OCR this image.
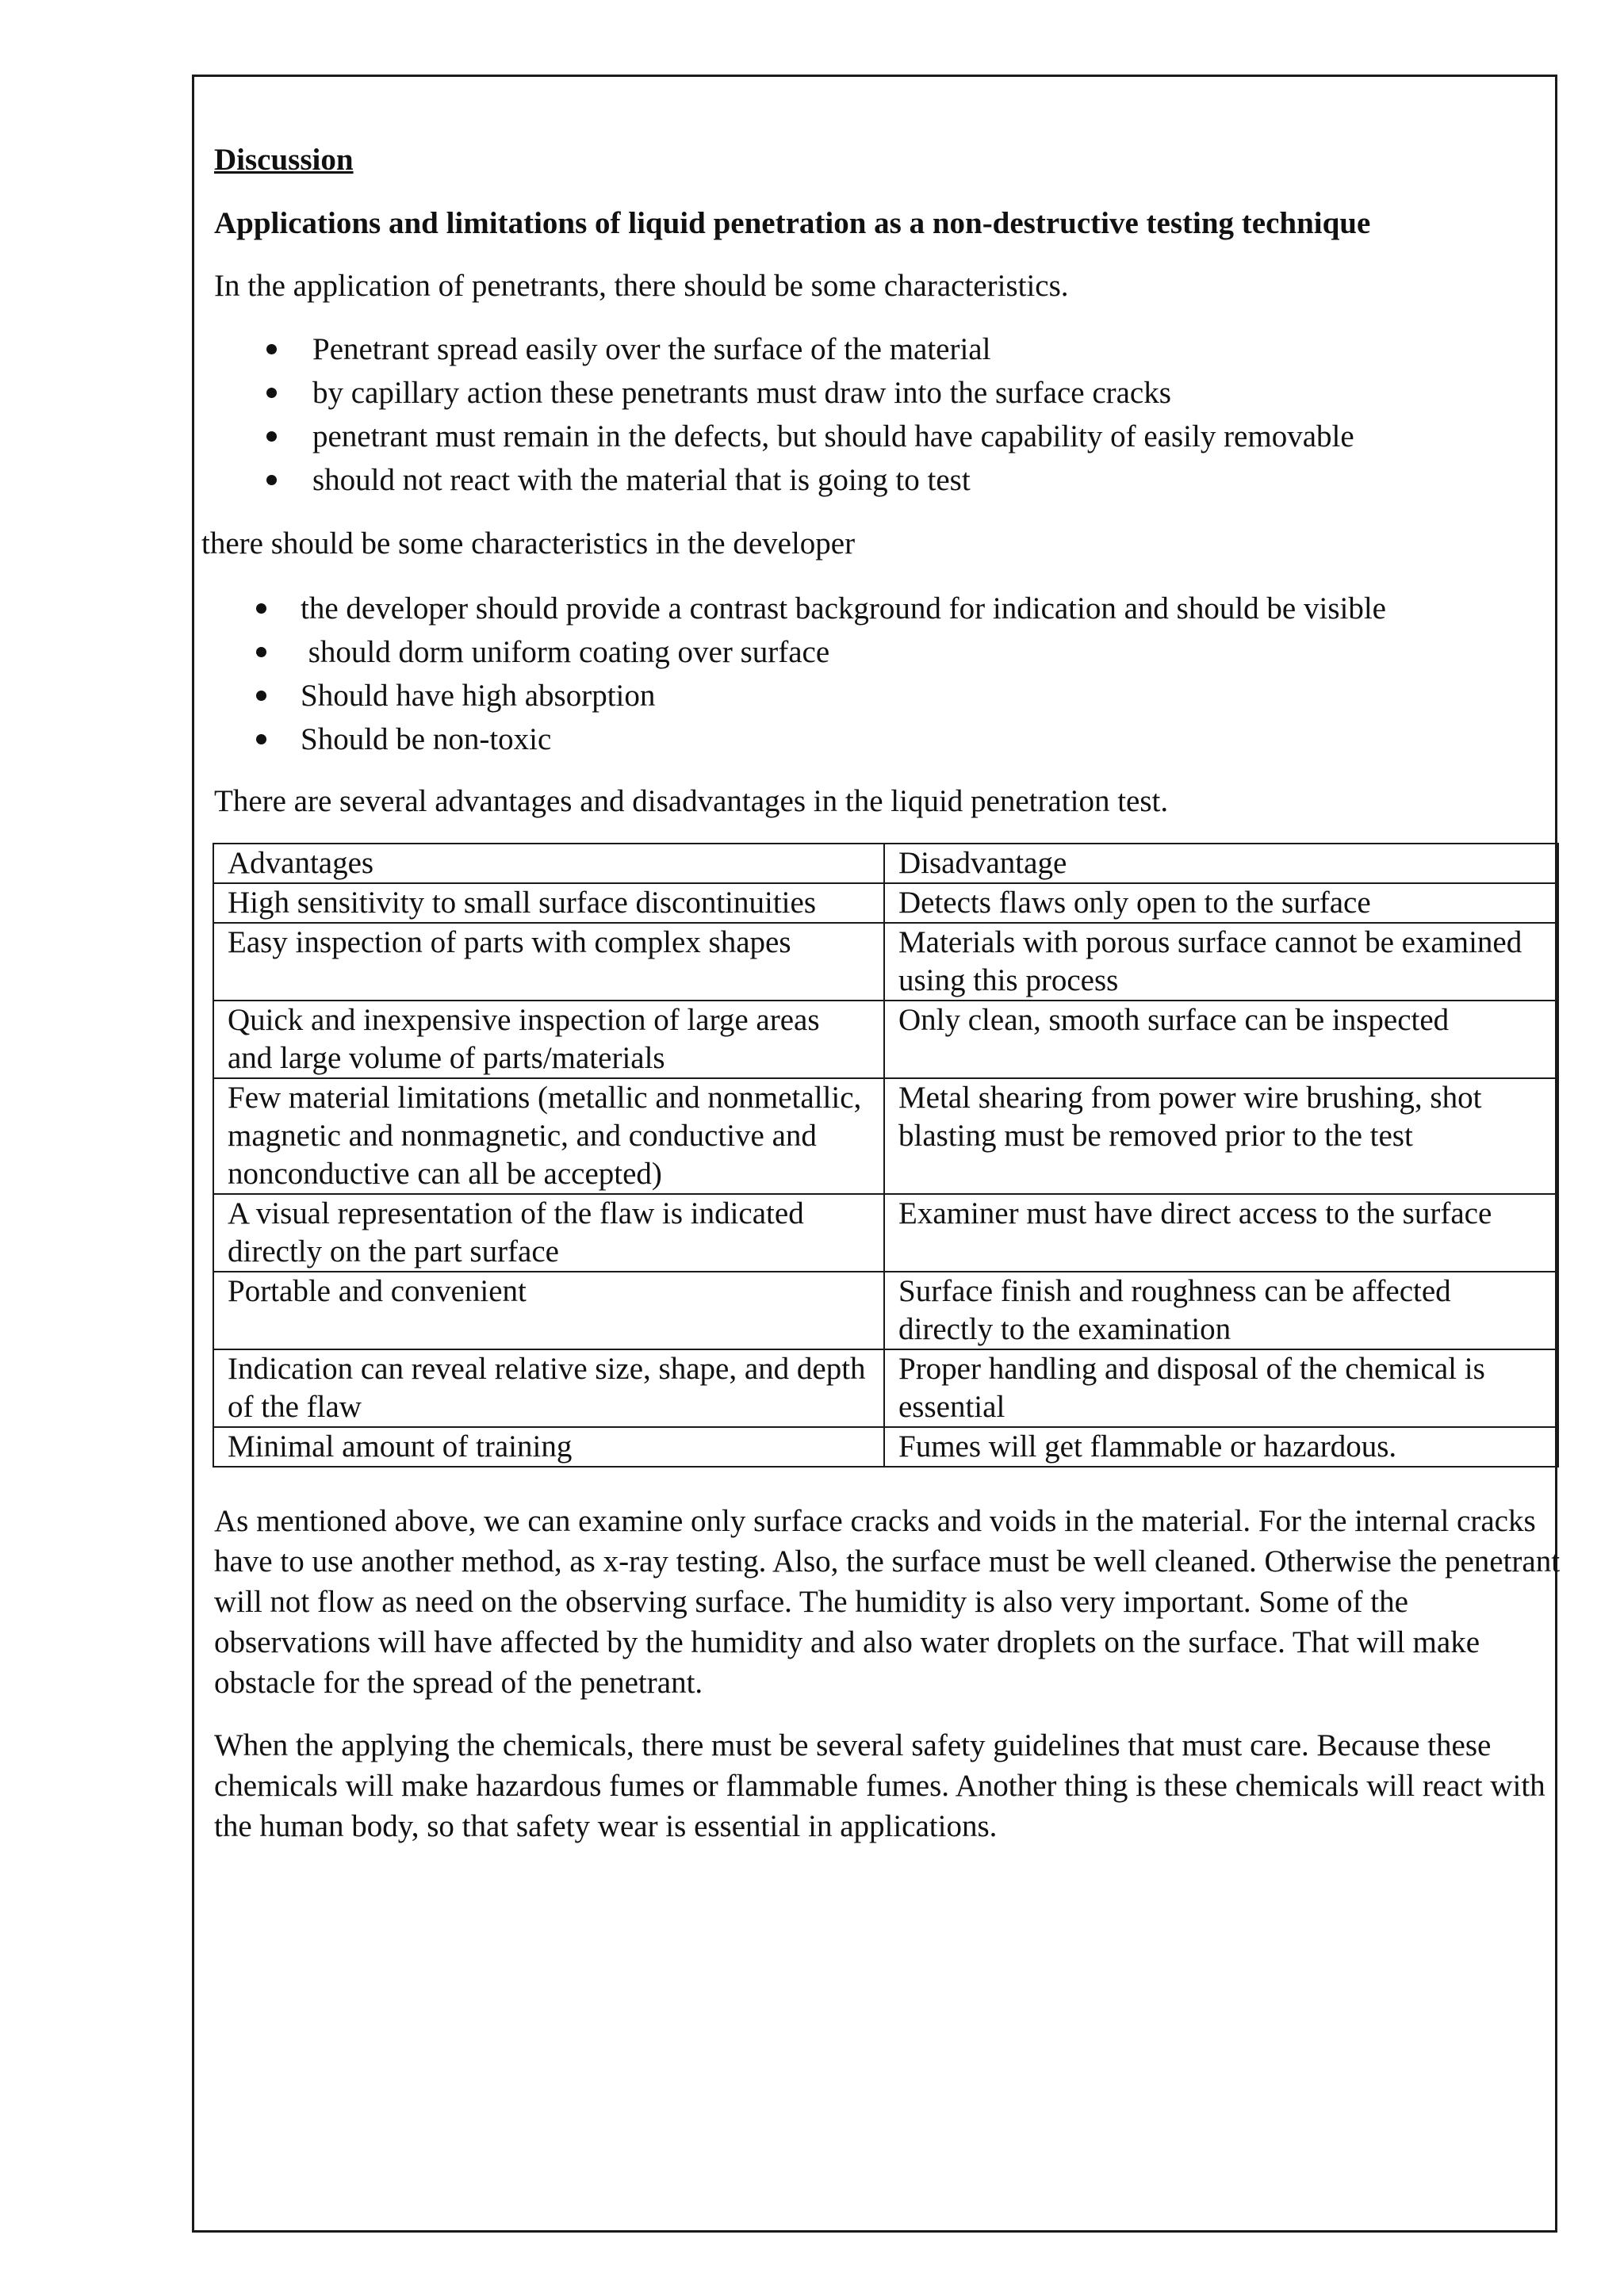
Discussion
Applications and limitations of liquid penetration as a non-destructive testing technique
In the application of penetrants, there should be some characteristics.
Penetrant spread easily over the surface of the material
by capillary action these penetrants must draw into the surface cracks
penetrant must remain in the defects, but should have capability of easily removable
should not react with the material that is going to test
there should be some characteristics in the developer
the developer should provide a contrast background for indication and should be visible
should dorm uniform coating over surface
Should have high absorption
Should be non-toxic
There are several advantages and disadvantages in the liquid penetration test.
Advantages	Disadvantage
High sensitivity to small surface discontinuities	Detects flaws only open to the surface
Easy inspection of parts with complex shapes	Materials with porous surface cannot be examined using this process
Quick and inexpensive inspection of large areas and large volume of parts/materials	Only clean, smooth surface can be inspected
Few material limitations (metallic and nonmetallic, magnetic and nonmagnetic, and conductive and nonconductive can all be accepted)	Metal shearing from power wire brushing, shot blasting must be removed prior to the test
A visual representation of the flaw is indicated directly on the part surface	Examiner must have direct access to the surface
Portable and convenient	Surface finish and roughness can be affected directly to the examination
Indication can reveal relative size, shape, and depth of the flaw	Proper handling and disposal of the chemical is essential
Minimal amount of training	Fumes will get flammable or hazardous.
As mentioned above, we can examine only surface cracks and voids in the material. For the internal cracks have to use another method, as x-ray testing. Also, the surface must be well cleaned. Otherwise the penetrant will not flow as need on the observing surface. The humidity is also very important. Some of the observations will have affected by the humidity and also water droplets on the surface. That will make obstacle for the spread of the penetrant.
When the applying the chemicals, there must be several safety guidelines that must care. Because these chemicals will make hazardous fumes or flammable fumes. Another thing is these chemicals will react with the human body, so that safety wear is essential in applications.
